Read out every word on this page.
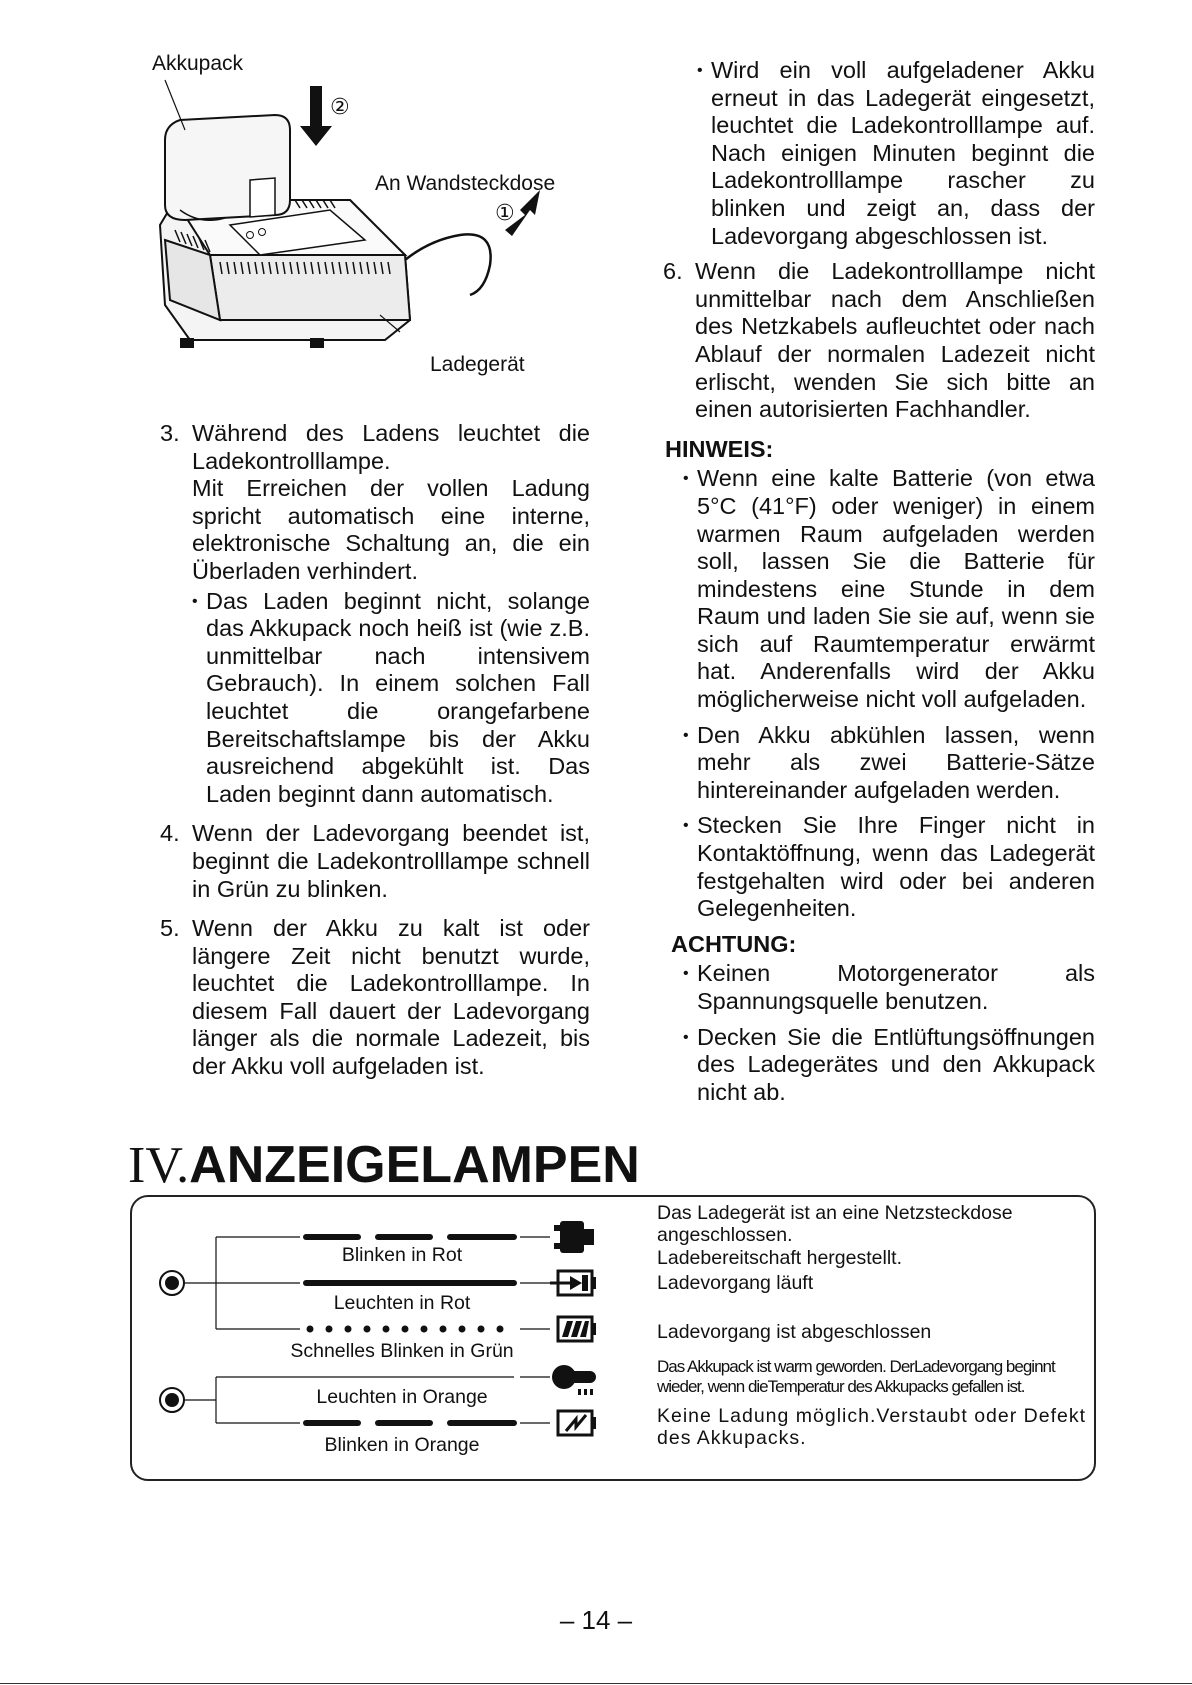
Akkupack
②
An Wandsteckdose
①
Ladegerät
3. Während des Ladens leuchtet die Ladekontrolllampe.

Mit Erreichen der vollen Ladung spricht automatisch eine interne, elektronische Schaltung an, die ein Überladen verhindert.

• Das Laden beginnt nicht, solange das Akkupack noch heiß ist (wie z.B. unmittelbar nach intensivem Gebrauch). In einem solchen Fall leuchtet die orangefarbene Bereitschaftslampe bis der Akku ausreichend abgekühlt ist. Das Laden beginnt dann automatisch.

4. Wenn der Ladevorgang beendet ist, beginnt die Ladekontrolllampe schnell in Grün zu blinken.

5. Wenn der Akku zu kalt ist oder längere Zeit nicht benutzt wurde, leuchtet die Ladekontrolllampe. In diesem Fall dauert der Ladevorgang länger als die normale Ladezeit, bis der Akku voll aufgeladen ist.

• Wird ein voll aufgeladener Akku erneut in das Ladegerät eingesetzt, leuchtet die Ladekontrolllampe auf. Nach einigen Minuten beginnt die Ladekontrolllampe rascher zu blinken und zeigt an, dass der Ladevorgang abgeschlossen ist.

6. Wenn die Ladekontrolllampe nicht unmittelbar nach dem Anschließen des Netzkabels aufleuchtet oder nach Ablauf der normalen Ladezeit nicht erlischt, wenden Sie sich bitte an einen autorisierten Fachhandler.

HINWEIS:
• Wenn eine kalte Batterie (von etwa 5°C (41°F) oder weniger) in einem warmen Raum aufgeladen werden soll, lassen Sie die Batterie für mindestens eine Stunde in dem Raum und laden Sie sie auf, wenn sie sich auf Raumtemperatur erwärmt hat. Anderenfalls wird der Akku möglicherweise nicht voll aufgeladen.

• Den Akku abkühlen lassen, wenn mehr als zwei Batterie-Sätze hintereinander aufgeladen werden.

• Stecken Sie Ihre Finger nicht in Kontaktöffnung, wenn das Ladegerät festgehalten wird oder bei anderen Gelegenheiten.

ACHTUNG:
• Keinen Motorgenerator als Spannungsquelle benutzen.

• Decken Sie die Entlüftungsöffnungen des Ladegerätes und den Akkupack nicht ab.

IV.ANZEIGELAMPEN
Blinken in Rot
Leuchten in Rot
Schnelles Blinken in Grün
Leuchten in Orange
Blinken in Orange
Das Ladegerät ist an eine Netzsteckdose angeschlossen.
Ladebereitschaft hergestellt.
Ladevorgang läuft
Ladevorgang ist abgeschlossen
Das Akkupack ist warm geworden. DerLadevorgang beginnt wieder, wenn dieTemperatur des Akkupacks gefallen ist.
Keine Ladung möglich.Verstaubt oder Defekt des Akkupacks.
– 14 –
